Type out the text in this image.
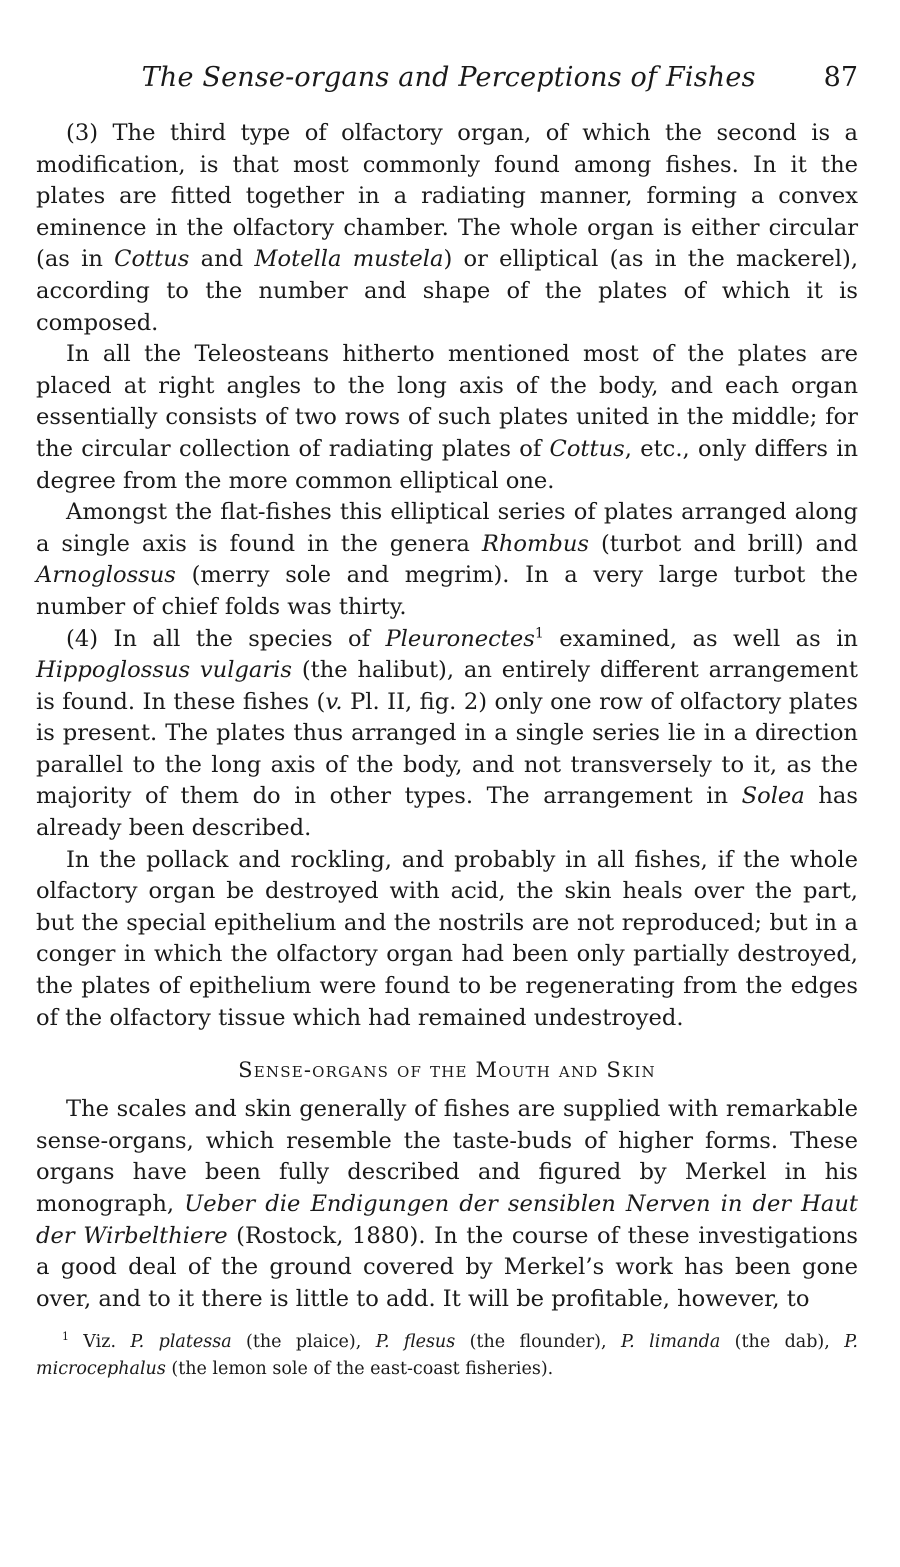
The Sense-organs and Perceptions of Fishes	87

(3) The third type of olfactory organ, of which the second is a modification, is that most commonly found among fishes. In it the plates are fitted together in a radiating manner, forming a convex eminence in the olfactory chamber. The whole organ is either circular (as in Cottus and Motella mustela) or elliptical (as in the mackerel), according to the number and shape of the plates of which it is composed.

In all the Teleosteans hitherto mentioned most of the plates are placed at right angles to the long axis of the body, and each organ essentially consists of two rows of such plates united in the middle; for the circular collection of radiating plates of Cottus, etc., only differs in degree from the more common elliptical one.

Amongst the flat-fishes this elliptical series of plates arranged along a single axis is found in the genera Rhombus (turbot and brill) and Arnoglossus (merry sole and megrim). In a very large turbot the number of chief folds was thirty.

(4) In all the species of Pleuronectes$^1$ examined, as well as in Hippoglossus vulgaris (the halibut), an entirely different arrangement is found. In these fishes (v. Pl. II, fig. 2) only one row of olfactory plates is present. The plates thus arranged in a single series lie in a direction parallel to the long axis of the body, and not transversely to it, as the majority of them do in other types. The arrangement in Solea has already been described.

In the pollack and rockling, and probably in all fishes, if the whole olfactory organ be destroyed with acid, the skin heals over the part, but the special epithelium and the nostrils are not reproduced; but in a conger in which the olfactory organ had been only partially destroyed, the plates of epithelium were found to be regenerating from the edges of the olfactory tissue which had remained undestroyed.

Sense-organs of the Mouth and Skin

The scales and skin generally of fishes are supplied with remarkable sense-organs, which resemble the taste-buds of higher forms. These organs have been fully described and figured by Merkel in his monograph, Ueber die Endigungen der sensiblen Nerven in der Haut der Wirbelthiere (Rostock, 1880). In the course of these investigations a good deal of the ground covered by Merkel’s work has been gone over, and to it there is little to add. It will be profitable, however, to

$^1$ Viz. P. platessa (the plaice), P. flesus (the flounder), P. limanda (the dab), P. microcephalus (the lemon sole of the east-coast fisheries).
